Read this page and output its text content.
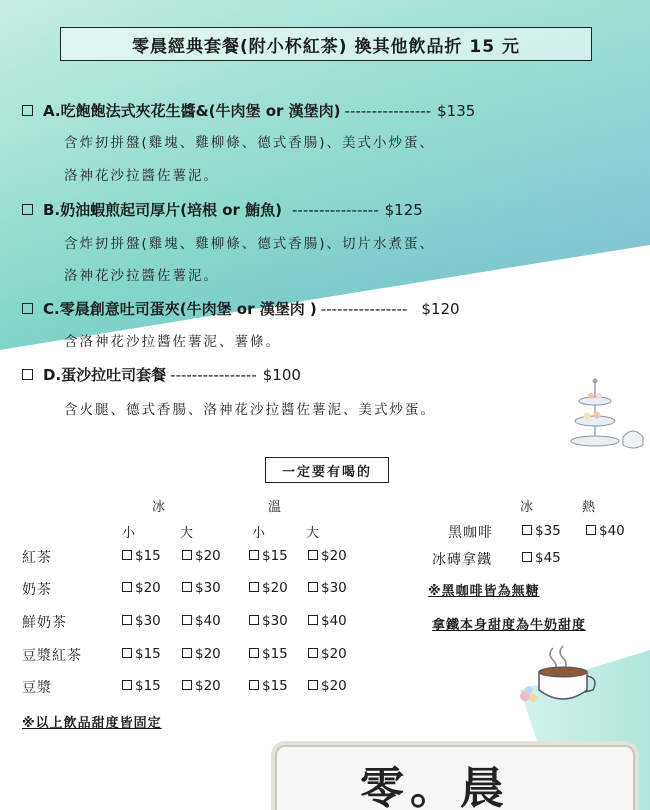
零晨經典套餐(附小杯紅茶) 換其他飲品折 15 元
A.吃飽飽法式夾花生醬&(牛肉堡 or 漢堡肉) ---------------- $135
含炸扨拼盤(雞塊、雞柳條、德式香腸)、美式小炒蛋、
洛神花沙拉醬佐薯泥。
B.奶油蝦煎起司厚片(培根 or 鮪魚) ---------------- $125
含炸扨拼盤(雞塊、雞柳條、德式香腸)、切片水煮蛋、
洛神花沙拉醬佐薯泥。
C.零晨創意吐司蛋夾(牛肉堡 or 漢堡肉 ) ---------------- $120
含洛神花沙拉醬佐薯泥、薯條。
D.蛋沙拉吐司套餐 ---------------- $100
含火腿、德式香腸、洛神花沙拉醬佐薯泥、美式炒蛋。
一定要有喝的
冰	溫
小	大	小	大
冰	熱
紅茶	$15	$20	$15	$20
奶茶	$20	$30	$20	$30
鮮奶茶	$30	$40	$30	$40
豆漿紅茶	$15	$20	$15	$20
豆漿	$15	$20	$15	$20
黑咖啡	$35	$40
冰磚拿鐵	$45
※黑咖啡皆為無糖
拿鐵本身甜度為牛奶甜度
※以上飲品甜度皆固定
零。晨
